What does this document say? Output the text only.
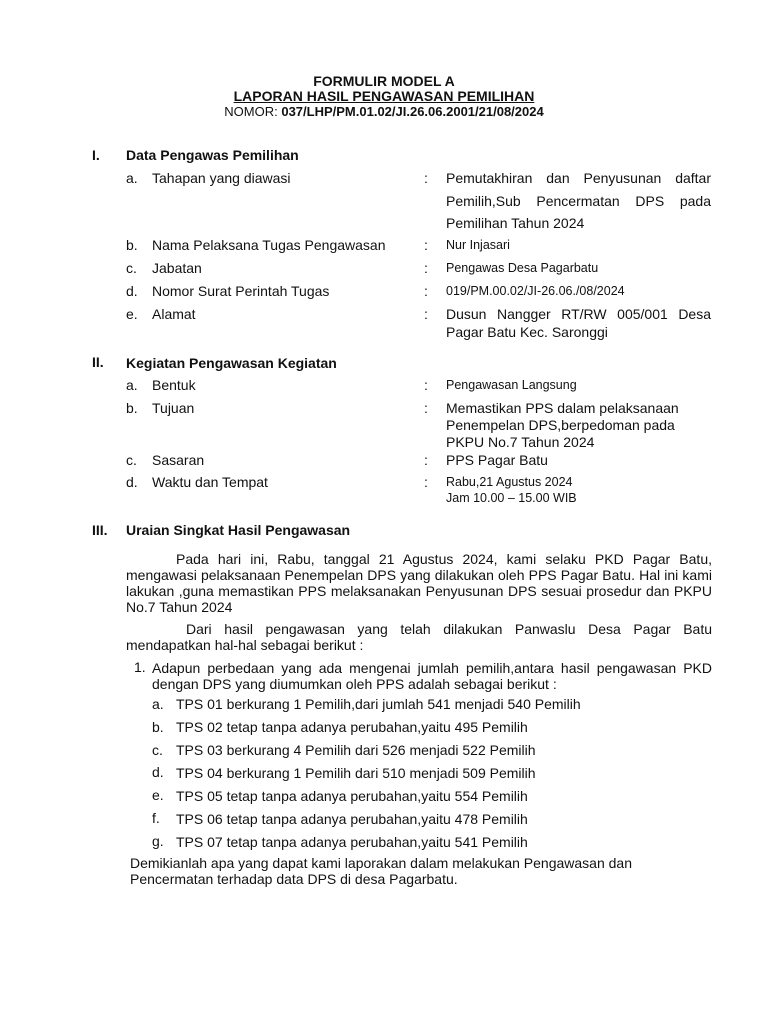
FORMULIR MODEL A
LAPORAN HASIL PENGAWASAN PEMILIHAN
NOMOR: 037/LHP/PM.01.02/JI.26.06.2001/21/08/2024
I. Data Pengawas Pemilihan
a. Tahapan yang diawasi	: Pemutakhiran dan Penyusunan daftar
Pemilih,Sub Pencermatan DPS pada
Pemilihan Tahun 2024
b. Nama Pelaksana Tugas Pengawasan	: Nur Injasari
c. Jabatan	: Pengawas Desa Pagarbatu
d. Nomor Surat Perintah Tugas	: 019/PM.00.02/JI-26.06./08/2024
e. Alamat	: Dusun Nangger RT/RW 005/001 Desa
Pagar Batu Kec. Saronggi
II. Kegiatan Pengawasan Kegiatan
a. Bentuk	: Pengawasan Langsung
b. Tujuan	: Memastikan PPS dalam pelaksanaan
Penempelan DPS,berpedoman pada
PKPU No.7 Tahun 2024
c. Sasaran	: PPS Pagar Batu
d. Waktu dan Tempat	: Rabu,21 Agustus 2024
Jam 10.00 – 15.00 WIB
III. Uraian Singkat Hasil Pengawasan
Pada hari ini, Rabu, tanggal 21 Agustus 2024, kami selaku PKD Pagar Batu, mengawasi pelaksanaan Penempelan DPS yang dilakukan oleh PPS Pagar Batu. Hal ini kami lakukan ,guna memastikan PPS melaksanakan Penyusunan DPS sesuai prosedur dan PKPU No.7 Tahun 2024
Dari hasil pengawasan yang telah dilakukan Panwaslu Desa Pagar Batu mendapatkan hal-hal sebagai berikut :
1. Adapun perbedaan yang ada mengenai jumlah pemilih,antara hasil pengawasan PKD dengan DPS yang diumumkan oleh PPS adalah sebagai berikut :
a. TPS 01 berkurang 1 Pemilih,dari jumlah 541 menjadi 540 Pemilih
b. TPS 02 tetap tanpa adanya perubahan,yaitu 495 Pemilih
c. TPS 03 berkurang 4 Pemilih dari 526 menjadi 522 Pemilih
d. TPS 04 berkurang 1 Pemilih dari 510 menjadi 509 Pemilih
e. TPS 05 tetap tanpa adanya perubahan,yaitu 554 Pemilih
f. TPS 06 tetap tanpa adanya perubahan,yaitu 478 Pemilih
g. TPS 07 tetap tanpa adanya perubahan,yaitu 541 Pemilih
Demikianlah apa yang dapat kami laporakan dalam melakukan Pengawasan dan Pencermatan terhadap data DPS di desa Pagarbatu.
